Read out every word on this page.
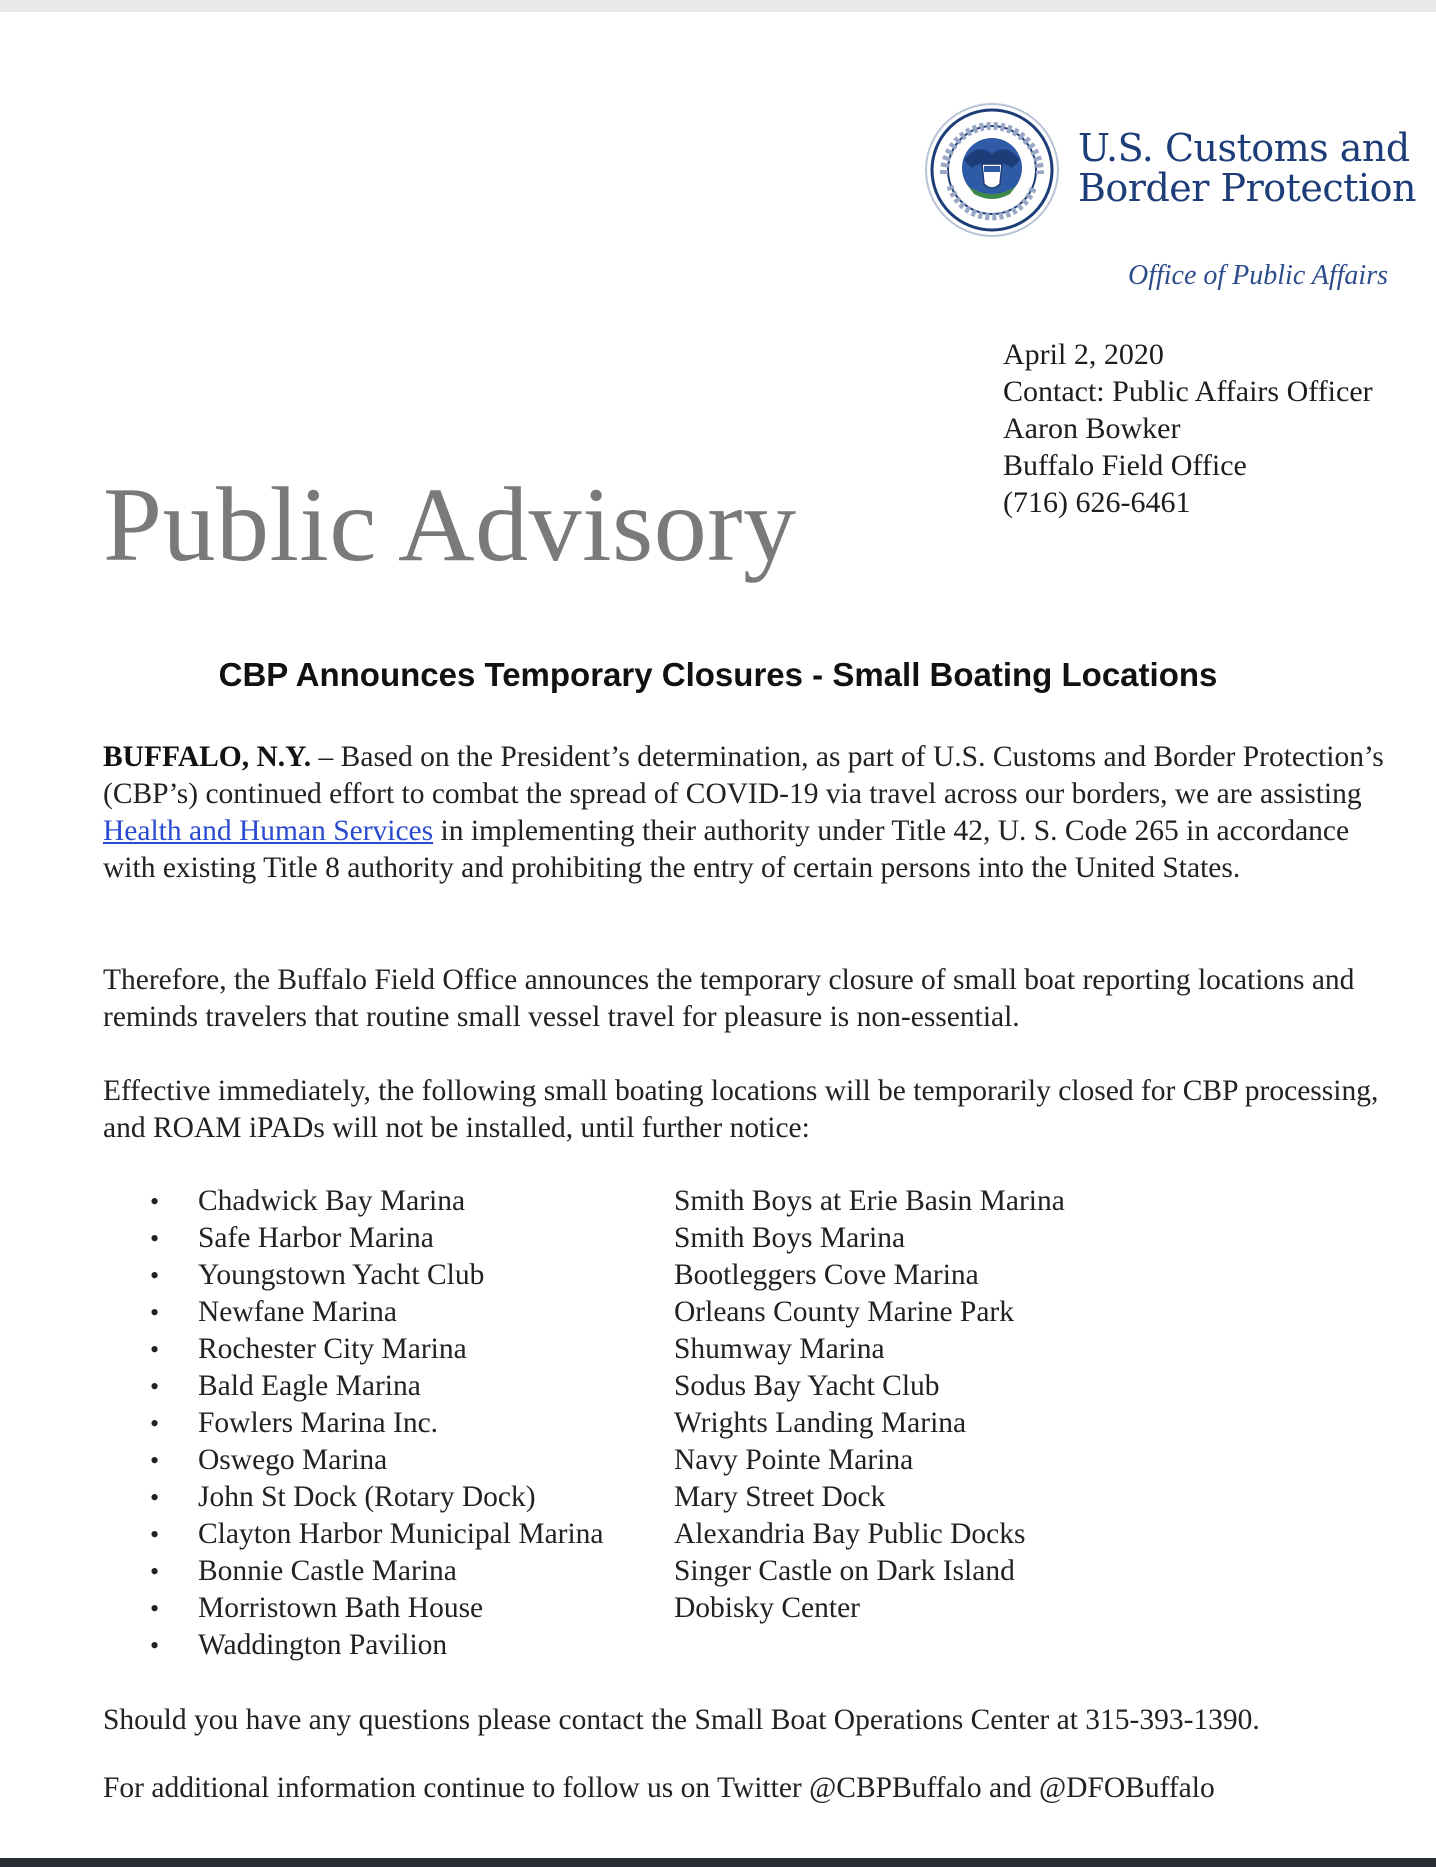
U.S. Customs and
Border Protection
Office of Public Affairs
April 2, 2020
Contact: Public Affairs Officer
Aaron Bowker
Buffalo Field Office
(716) 626-6461
Public Advisory
CBP Announces Temporary Closures - Small Boating Locations
BUFFALO, N.Y. – Based on the President’s determination, as part of U.S. Customs and Border Protection’s (CBP’s) continued effort to combat the spread of COVID-19 via travel across our borders, we are assisting Health and Human Services in implementing their authority under Title 42, U. S. Code 265 in accordance with existing Title 8 authority and prohibiting the entry of certain persons into the United States.
Therefore, the Buffalo Field Office announces the temporary closure of small boat reporting locations and reminds travelers that routine small vessel travel for pleasure is non-essential.
Effective immediately, the following small boating locations will be temporarily closed for CBP processing, and ROAM iPADs will not be installed, until further notice:
• Chadwick Bay Marina
• Safe Harbor Marina
• Youngstown Yacht Club
• Newfane Marina
• Rochester City Marina
• Bald Eagle Marina
• Fowlers Marina Inc.
• Oswego Marina
• John St Dock (Rotary Dock)
• Clayton Harbor Municipal Marina
• Bonnie Castle Marina
• Morristown Bath House
• Waddington Pavilion
Smith Boys at Erie Basin Marina
Smith Boys Marina
Bootleggers Cove Marina
Orleans County Marine Park
Shumway Marina
Sodus Bay Yacht Club
Wrights Landing Marina
Navy Pointe Marina
Mary Street Dock
Alexandria Bay Public Docks
Singer Castle on Dark Island
Dobisky Center
Should you have any questions please contact the Small Boat Operations Center at 315-393-1390.
For additional information continue to follow us on Twitter @CBPBuffalo and @DFOBuffalo
